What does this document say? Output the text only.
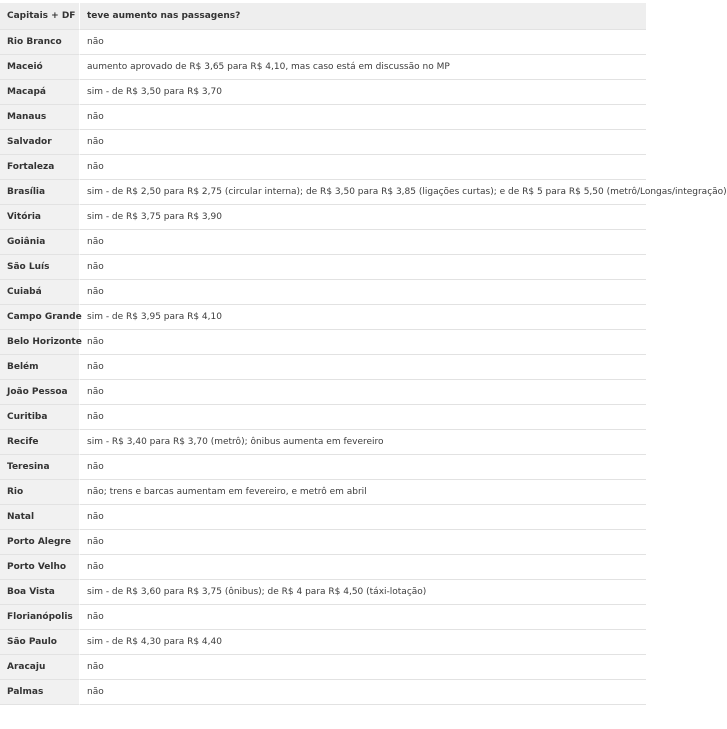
Capitais + DF	teve aumento nas passagens?
Rio Branco	não
Maceió	aumento aprovado de R$ 3,65 para R$ 4,10, mas caso está em discussão no MP
Macapá	sim - de R$ 3,50 para R$ 3,70
Manaus	não
Salvador	não
Fortaleza	não
Brasília	sim - de R$ 2,50 para R$ 2,75 (circular interna); de R$ 3,50 para R$ 3,85 (ligações curtas); e de R$ 5 para R$ 5,50 (metrô/Longas/integração)
Vitória	sim - de R$ 3,75 para R$ 3,90
Goiânia	não
São Luís	não
Cuiabá	não
Campo Grande	sim - de R$ 3,95 para R$ 4,10
Belo Horizonte	não
Belém	não
João Pessoa	não
Curitiba	não
Recife	sim - R$ 3,40 para R$ 3,70 (metrô); ônibus aumenta em fevereiro
Teresina	não
Rio	não; trens e barcas aumentam em fevereiro, e metrô em abril
Natal	não
Porto Alegre	não
Porto Velho	não
Boa Vista	sim - de R$ 3,60 para R$ 3,75 (ônibus); de R$ 4 para R$ 4,50 (táxi-lotação)
Florianópolis	não
São Paulo	sim - de R$ 4,30 para R$ 4,40
Aracaju	não
Palmas	não
